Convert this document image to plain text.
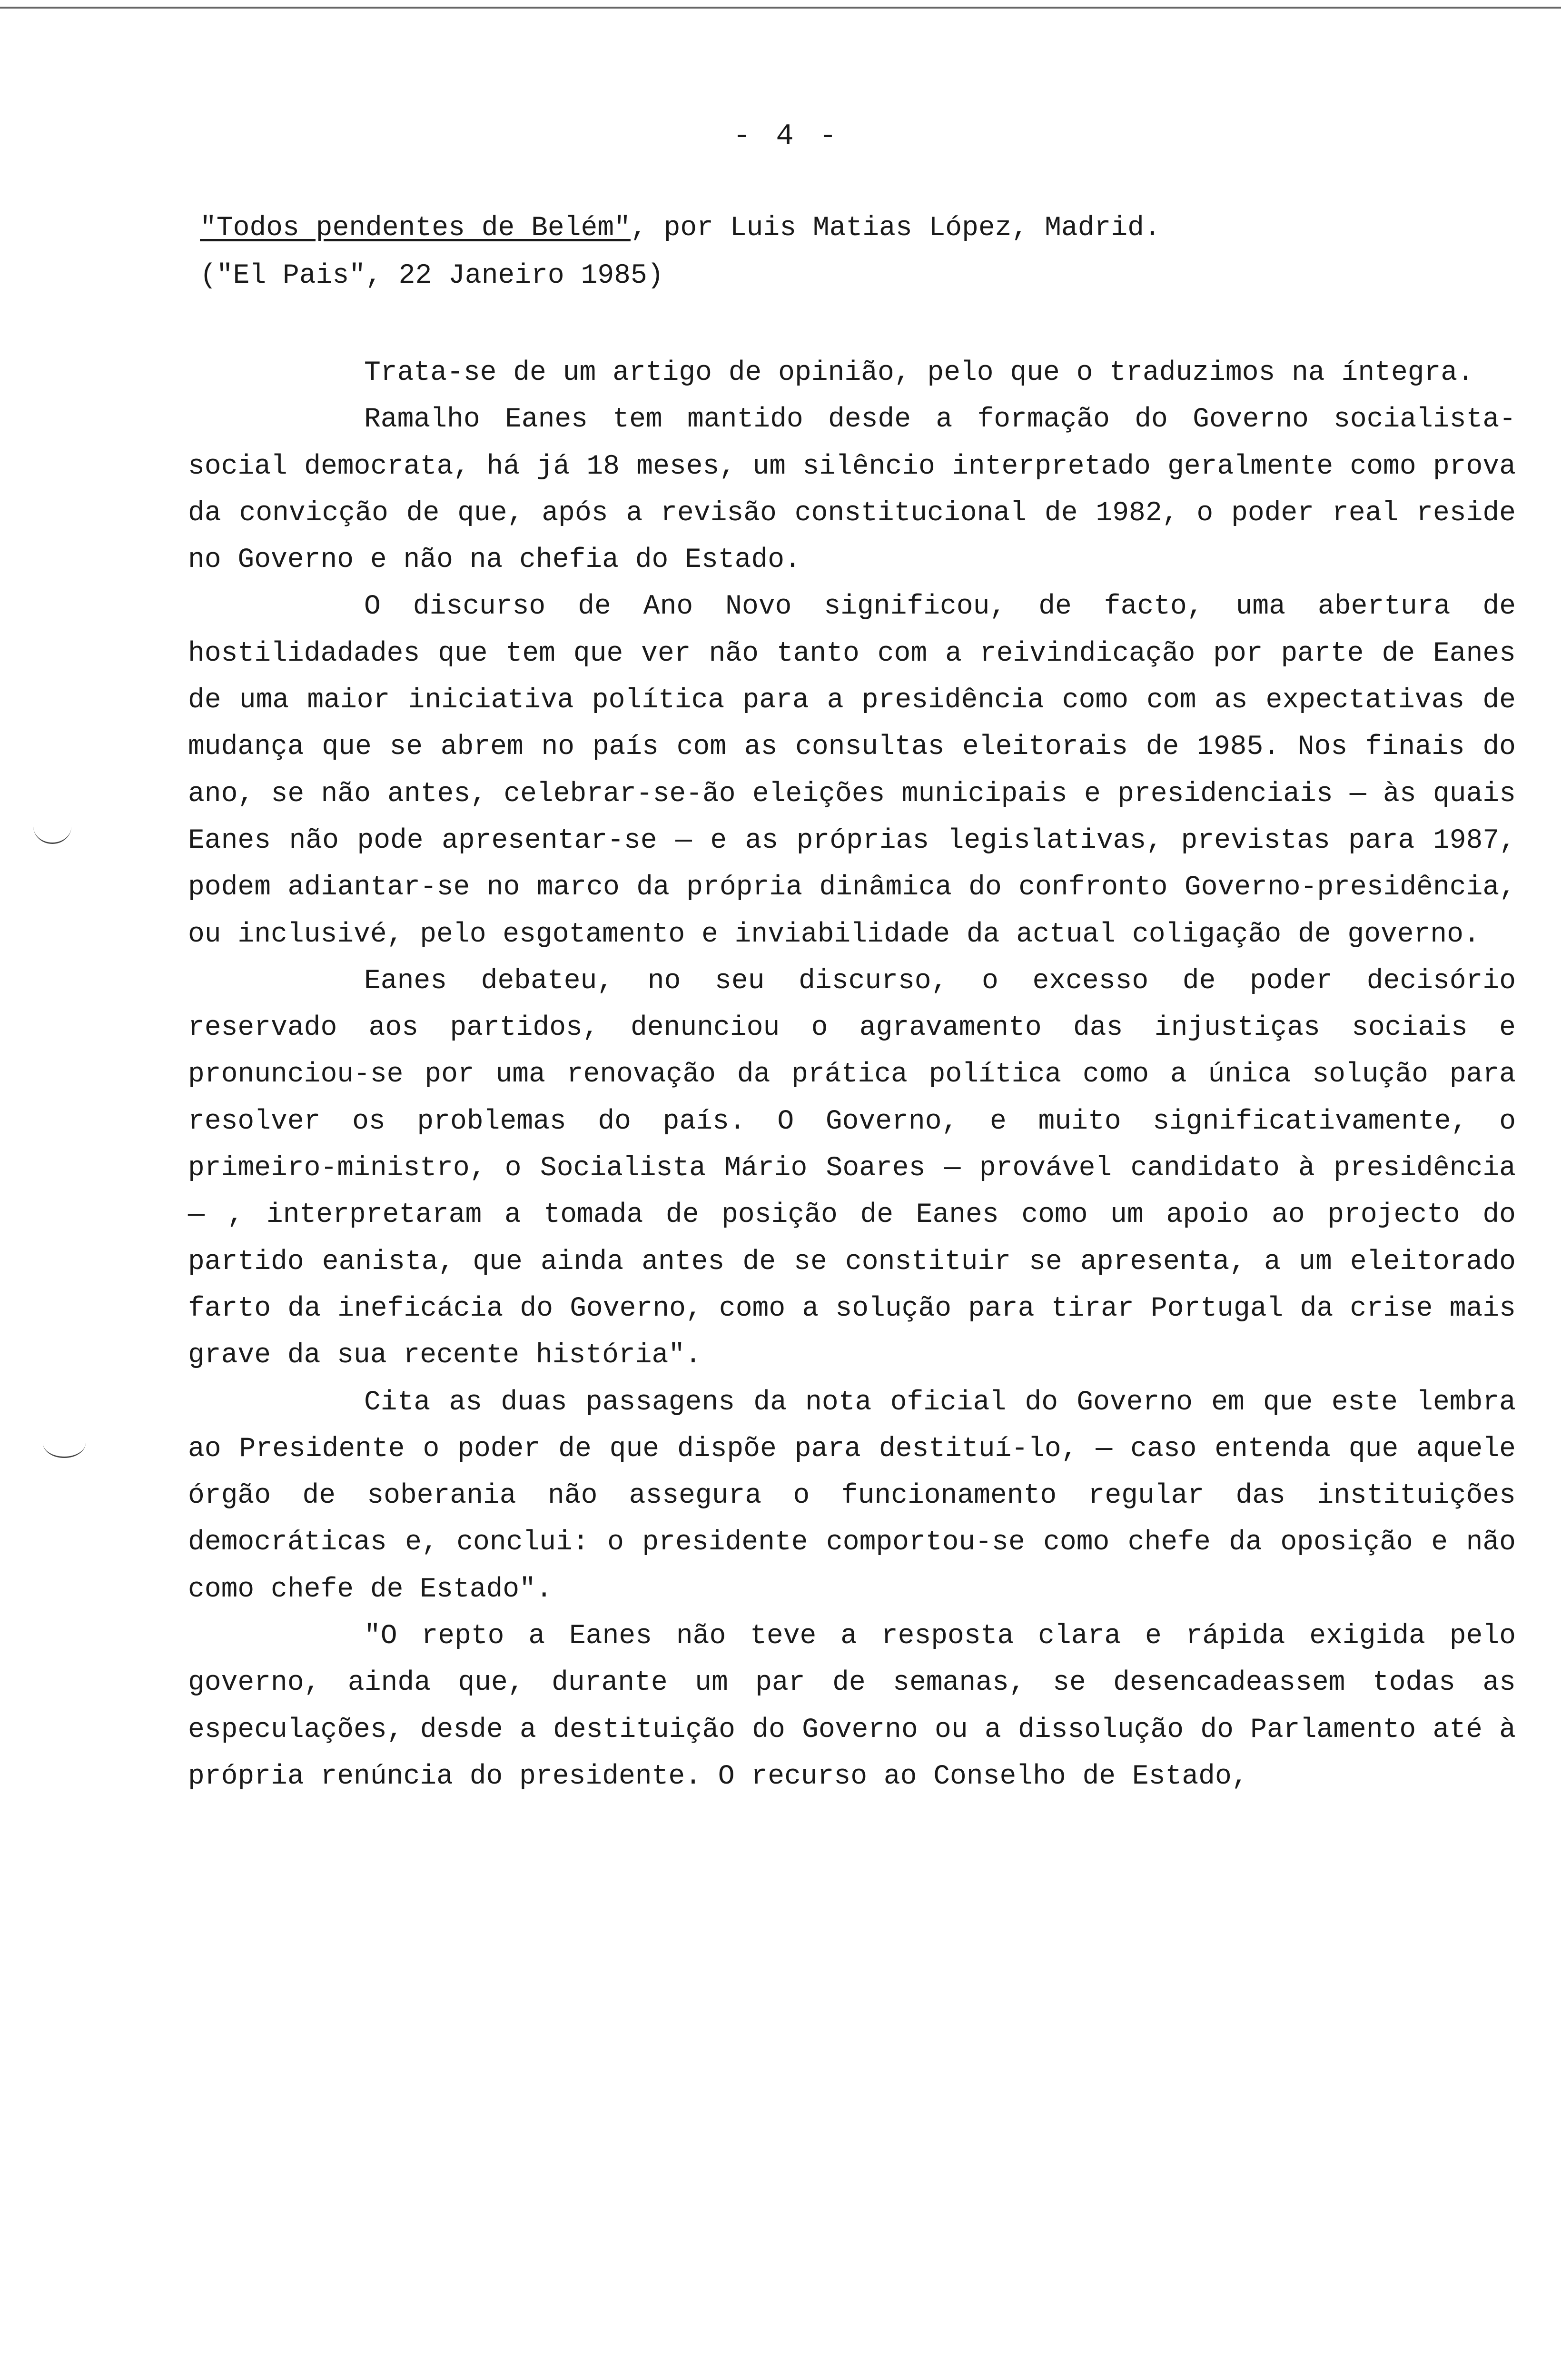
- 4 -
"Todos pendentes de Belém", por Luis Matias López, Madrid.
("El Pais", 22 Janeiro 1985)

Trata-se de um artigo de opinião, pelo que o traduzimos na íntegra.

Ramalho Eanes tem mantido desde a formação do Governo socialista-social democrata, há já 18 meses, um silêncio interpretado geralmente como prova da convicção de que, após a revisão constitucional de 1982, o poder real reside no Governo e não na chefia do Estado.

O discurso de Ano Novo significou, de facto, uma abertura de hostilidadades que tem que ver não tanto com a reivindicação por parte de Eanes de uma maior iniciativa política para a presidência como com as expectativas de mudança que se abrem no país com as consultas eleitorais de 1985. Nos finais do ano, se não antes, celebrar-se-ão eleições municipais e presidenciais — às quais Eanes não pode apresentar-se — e as próprias legislativas, previstas para 1987, podem adiantar-se no marco da própria dinâmica do confronto Governo-presidência, ou inclusivé, pelo esgotamento e inviabilidade da actual coligação de governo.

Eanes debateu, no seu discurso, o excesso de poder decisório reservado aos partidos, denunciou o agravamento das injustiças sociais e pronunciou-se por uma renovação da prática política como a única solução para resolver os problemas do país. O Governo, e muito significativamente, o primeiro-ministro, o Socialista Mário Soares — provável candidato à presidência — , interpretaram a tomada de posição de Eanes como um apoio ao projecto do partido eanista, que ainda antes de se constituir se apresenta, a um eleitorado farto da ineficácia do Governo, como a solução para tirar Portugal da crise mais grave da sua recente história".

Cita as duas passagens da nota oficial do Governo em que este lembra ao Presidente o poder de que dispõe para destituí-lo, — caso entenda que aquele órgão de soberania não assegura o funcionamento regular das instituições democráticas e, conclui: o presidente comportou-se como chefe da oposição e não como chefe de Estado".

"O repto a Eanes não teve a resposta clara e rápida exigida pelo governo, ainda que, durante um par de semanas, se desencadeassem todas as especulações, desde a destituição do Governo ou a dissolução do Parlamento até à própria renúncia do presidente. O recurso ao Conselho de Estado,
